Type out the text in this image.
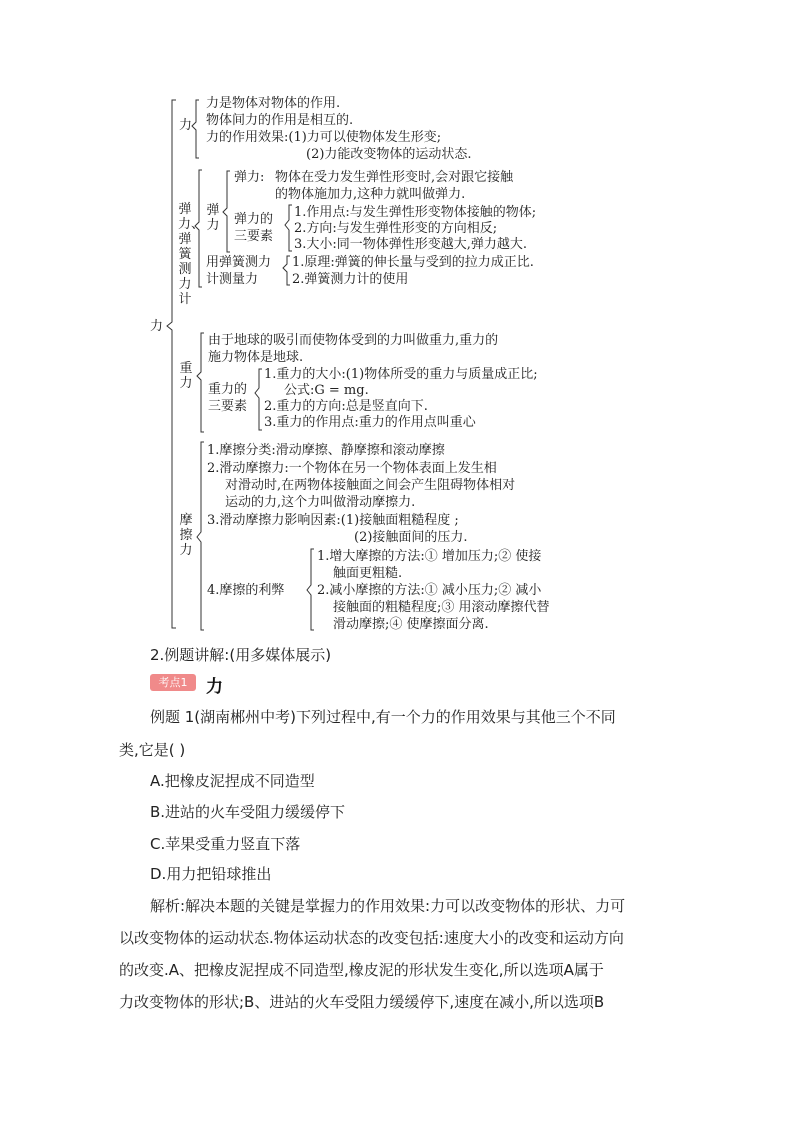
力
力
力是物体对物体的作用.
物体间力的作用是相互的.
力的作用效果:(1)力可以使物体发生形变;
(2)力能改变物体的运动状态.
弹力、弹簧测力计
弹力
弹力: 物体在受力发生弹性形变时,会对跟它接触
的物体施加力,这种力就叫做弹力.
弹力的
三要素
1.作用点:与发生弹性形变物体接触的物体;
2.方向:与发生弹性形变的方向相反;
3.大小:同一物体弹性形变越大,弹力越大.
用弹簧测力
计测量力
1.原理:弹簧的伸长量与受到的拉力成正比.
2.弹簧测力计的使用
重力
由于地球的吸引而使物体受到的力叫做重力,重力的
施力物体是地球.
重力的
三要素
1.重力的大小:(1)物体所受的重力与质量成正比;
公式:G = mg.
2.重力的方向:总是竖直向下.
3.重力的作用点:重力的作用点叫重心
摩擦力
1.摩擦分类:滑动摩擦、静摩擦和滚动摩擦
2.滑动摩擦力:一个物体在另一个物体表面上发生相
对滑动时,在两物体接触面之间会产生阻碍物体相对
运动的力,这个力叫做滑动摩擦力.
3.滑动摩擦力影响因素:(1)接触面粗糙程度 ;
(2)接触面间的压力.
4.摩擦的利弊
1.增大摩擦的方法:① 增加压力;② 使接
触面更粗糙.
2.减小摩擦的方法:① 减小压力;② 减小
接触面的粗糙程度;③ 用滚动摩擦代替
滑动摩擦;④ 使摩擦面分离.
2.例题讲解:(用多媒体展示)
考点1	力
例题 1(湖南郴州中考)下列过程中,有一个力的作用效果与其他三个不同
类,它是( )
A.把橡皮泥捏成不同造型
B.进站的火车受阻力缓缓停下
C.苹果受重力竖直下落
D.用力把铅球推出
解析:解决本题的关键是掌握力的作用效果:力可以改变物体的形状、力可
以改变物体的运动状态.物体运动状态的改变包括:速度大小的改变和运动方向
的改变.A、把橡皮泥捏成不同造型,橡皮泥的形状发生变化,所以选项A属于
力改变物体的形状;B、进站的火车受阻力缓缓停下,速度在减小,所以选项B
